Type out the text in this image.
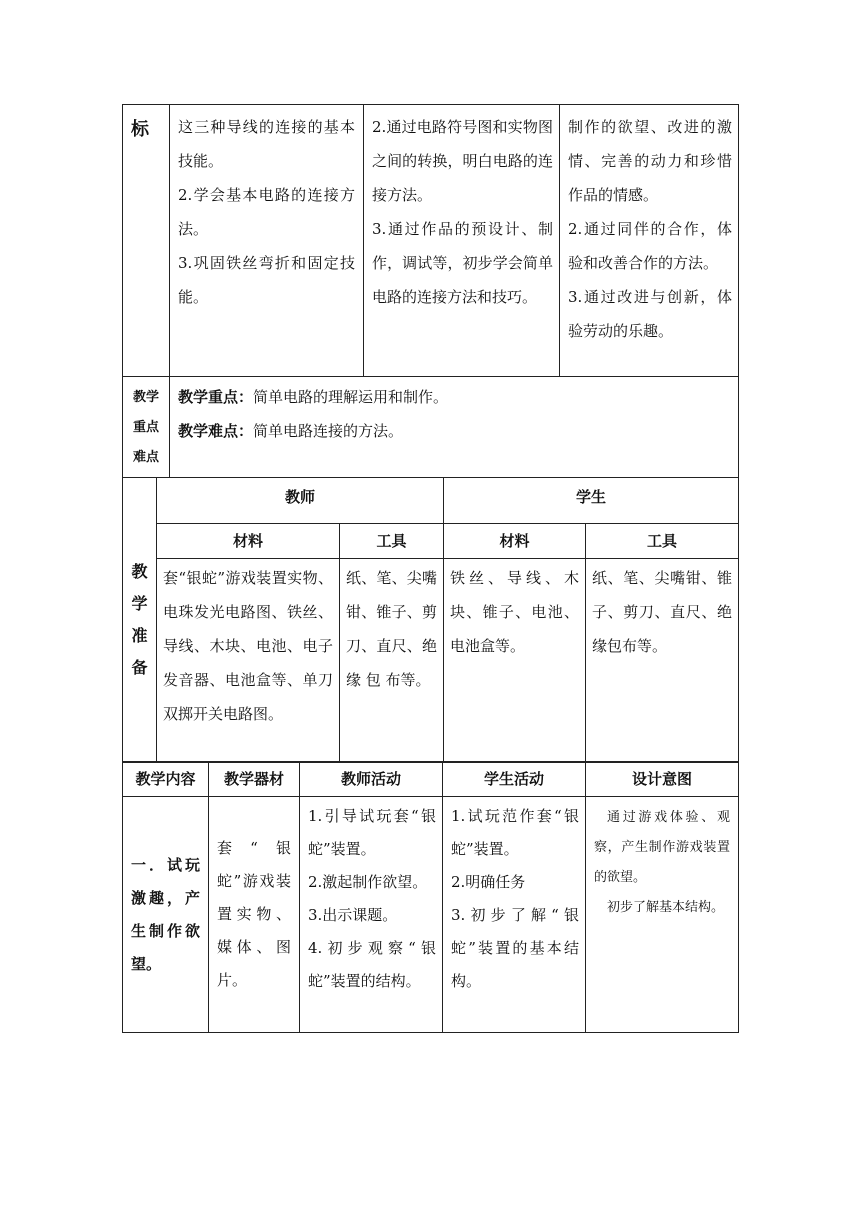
标	这三种导线的连接的基本技能。
2.学会基本电路的连接方法。
3.巩固铁丝弯折和固定技能。	2.通过电路符号图和实物图之间的转换，明白电路的连接方法。
3.通过作品的预设计、制作，调试等，初步学会简单电路的连接方法和技巧。	制作的欲望、改进的激情、完善的动力和珍惜作品的情感。
2.通过同伴的合作，体验和改善合作的方法。
3.通过改进与创新，体验劳动的乐趣。

教学
重点
难点	教学重点：简单电路的理解运用和制作。
教学难点：简单电路连接的方法。		
教
学
准
备	教师		学生	
	材料	工具	材料	工具

	套“银蛇”游戏装置实物、电珠发光电路图、铁丝、导线、木块、电池、电子发音器、电池盒等、单刀双掷开关电路图。	纸、笔、尖嘴钳、锥子、剪刀、直尺、绝 缘 包 布等。	铁丝、导线、木块、锥子、电池、电池盒等。	纸、笔、尖嘴钳、锥子、剪刀、直尺、绝缘包布等。
教学内容	教学器材	教师活动	学生活动	设计意图

一．试玩激趣，产生制作欲望。	套“银蛇”游戏装置实物、媒体、图片。	1.引导试玩套“银蛇”装置。
2.激起制作欲望。
3.出示课题。
4.初步观察“银蛇”装置的结构。	1.试玩范作套“银蛇”装置。
2.明确任务
3.初步了解“银蛇”装置的基本结构。	通过游戏体验、观察，产生制作游戏装置的欲望。
初步了解基本结构。
